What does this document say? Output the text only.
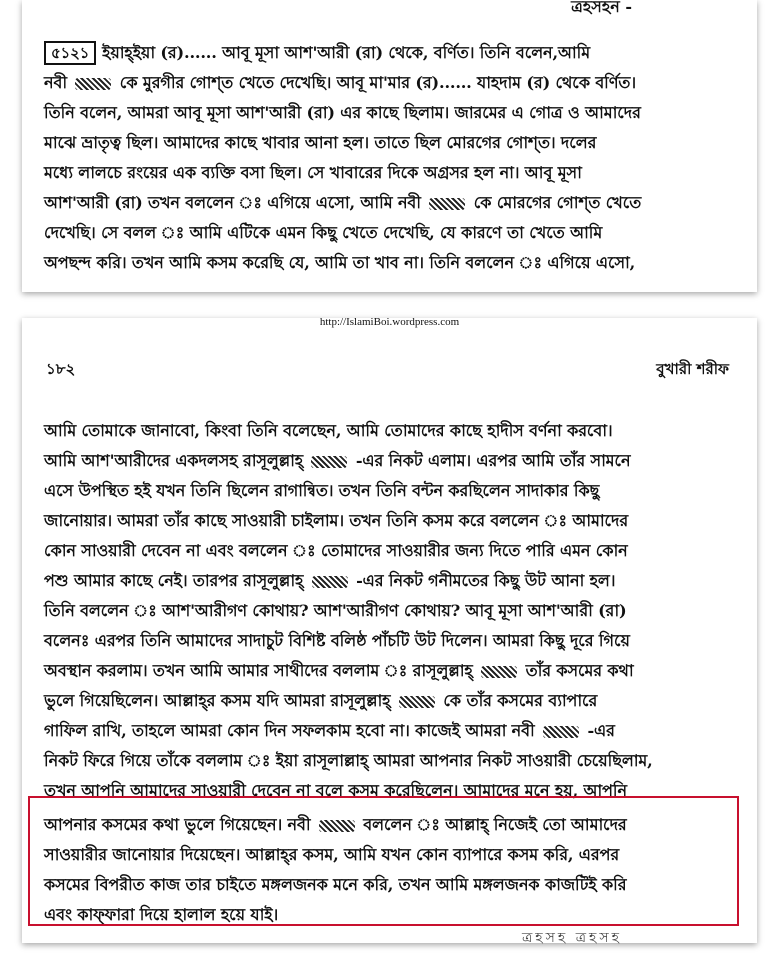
ত্রহসহন -
৫১২১ ইয়াহ্ইয়া (র)...... আবূ মূসা আশ'আরী (রা) থেকে, বর্ণিত। তিনি বলেন,আমি
নবী	কে মুরগীর গোশ্‌ত খেতে দেখেছি। আবূ মা'মার (র)...... যাহদাম (র) থেকে বর্ণিত।
তিনি বলেন, আমরা আবূ মূসা আশ'আরী (রা) এর কাছে ছিলাম। জারমের এ গোত্র ও আমাদের
মাঝে ভ্রাতৃত্ব ছিল। আমাদের কাছে খাবার আনা হল। তাতে ছিল মোরগের গোশ্‌ত। দলের
মধ্যে লালচে রংয়ের এক ব্যক্তি বসা ছিল। সে খাবারের দিকে অগ্রসর হল না। আবূ মূসা
আশ'আরী (রা) তখন বললেন ঃ এগিয়ে এসো, আমি নবী	কে মোরগের গোশ্‌ত খেতে
দেখেছি। সে বলল ঃ আমি এটিকে এমন কিছু খেতে দেখেছি, যে কারণে তা খেতে আমি
অপছন্দ করি। তখন আমি কসম করেছি যে, আমি তা খাব না। তিনি বললেন ঃ এগিয়ে এসো,
http://IslamiBoi.wordpress.com
১৮২	বুখারী শরীফ
আমি তোমাকে জানাবো, কিংবা তিনি বলেছেন, আমি তোমাদের কাছে হাদীস বর্ণনা করবো।
আমি আশ'আরীদের একদলসহ রাসূলুল্লাহ্	-এর নিকট এলাম। এরপর আমি তাঁর সামনে
এসে উপস্থিত হই যখন তিনি ছিলেন রাগান্বিত। তখন তিনি বন্টন করছিলেন সাদাকার কিছু
জানোয়ার। আমরা তাঁর কাছে সাওয়ারী চাইলাম। তখন তিনি কসম করে বললেন ঃ আমাদের
কোন সাওয়ারী দেবেন না এবং বললেন ঃ তোমাদের সাওয়ারীর জন্য দিতে পারি এমন কোন
পশু আমার কাছে নেই। তারপর রাসূলুল্লাহ্	-এর নিকট গনীমতের কিছু উট আনা হল।
তিনি বললেন ঃ আশ'আরীগণ কোথায়? আশ'আরীগণ কোথায়? আবূ মূসা আশ'আরী (রা)
বলেনঃ এরপর তিনি আমাদের সাদাচুট বিশিষ্ট বলিষ্ঠ পাঁচটি উট দিলেন। আমরা কিছু দূরে গিয়ে
অবস্থান করলাম। তখন আমি আমার সাথীদের বললাম ঃ রাসূলুল্লাহ্	তাঁর কসমের কথা
ভুলে গিয়েছিলেন। আল্লাহ্‌র কসম যদি আমরা রাসূলুল্লাহ্	কে তাঁর কসমের ব্যাপারে
গাফিল রাখি, তাহলে আমরা কোন দিন সফলকাম হবো না। কাজেই আমরা নবী	-এর
নিকট ফিরে গিয়ে তাঁকে বললাম ঃ ইয়া রাসূলাল্লাহ্ আমরা আপনার নিকট সাওয়ারী চেয়েছিলাম,
তখন আপনি আমাদের সাওয়ারী দেবেন না বলে কসম করেছিলেন। আমাদের মনে হয়, আপনি
আপনার কসমের কথা ভুলে গিয়েছেন। নবী	বললেন ঃ আল্লাহ্ নিজেই তো আমাদের
সাওয়ারীর জানোয়ার দিয়েছেন। আল্লাহ্‌র কসম, আমি যখন কোন ব্যাপারে কসম করি, এরপর
কসমের বিপরীত কাজ তার চাইতে মঙ্গলজনক মনে করি, তখন আমি মঙ্গলজনক কাজটিই করি
এবং কাফ্‌ফারা দিয়ে হালাল হয়ে যাই।
ত্রহসহ ত্রহসহ
